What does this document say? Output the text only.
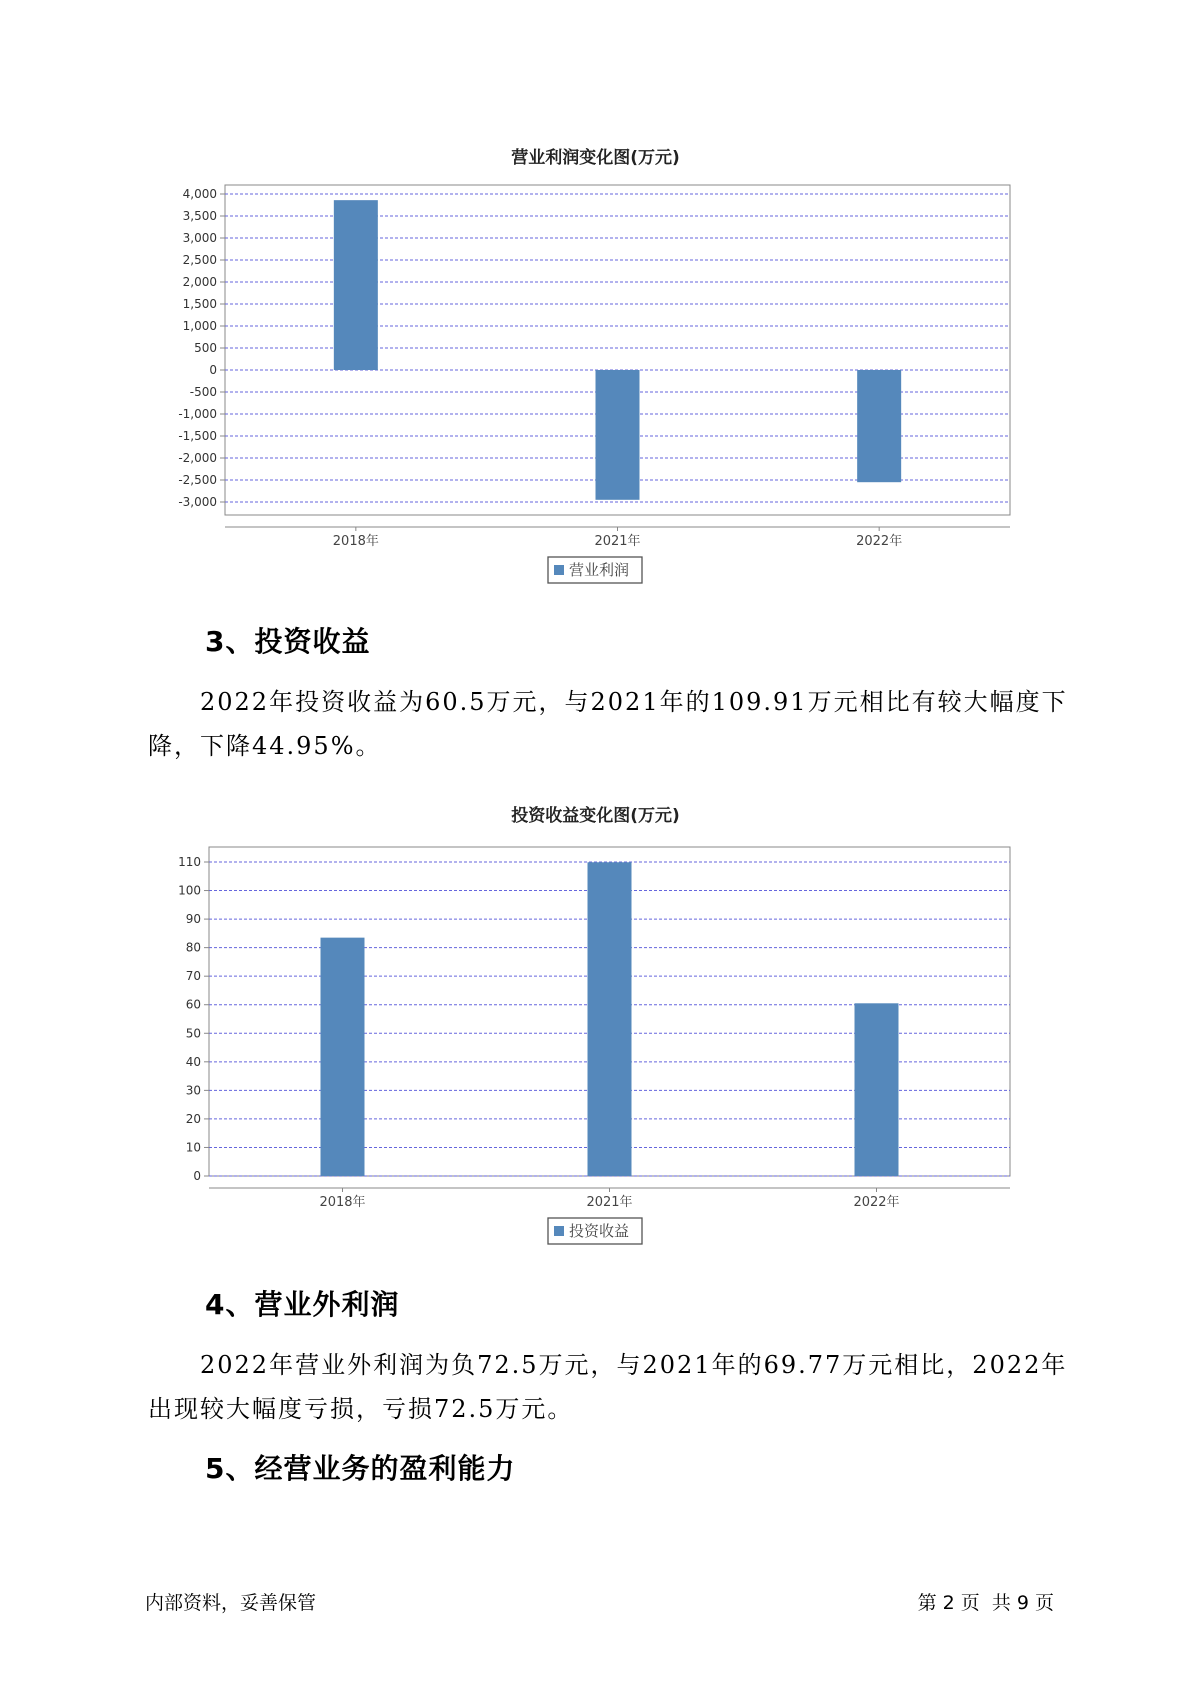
营业利润变化图(万元)
4,000
3,500
3,000
2,500
2,000
1,500
1,000
500
0
-500
-1,000
-1,500
-2,000
-2,500
-3,000
2018年	2021年	2022年
营业利润
3、投资收益
2022年投资收益为60.5万元，与2021年的109.91万元相比有较大幅度下降，下降44.95%。
投资收益变化图(万元)
110
100
90
80
70
60
50
40
30
20
10
0
2018年	2021年	2022年
投资收益
4、营业外利润
2022年营业外利润为负72.5万元，与2021年的69.77万元相比，2022年出现较大幅度亏损，亏损72.5万元。
5、经营业务的盈利能力
内部资料，妥善保管	第 2 页  共 9 页
